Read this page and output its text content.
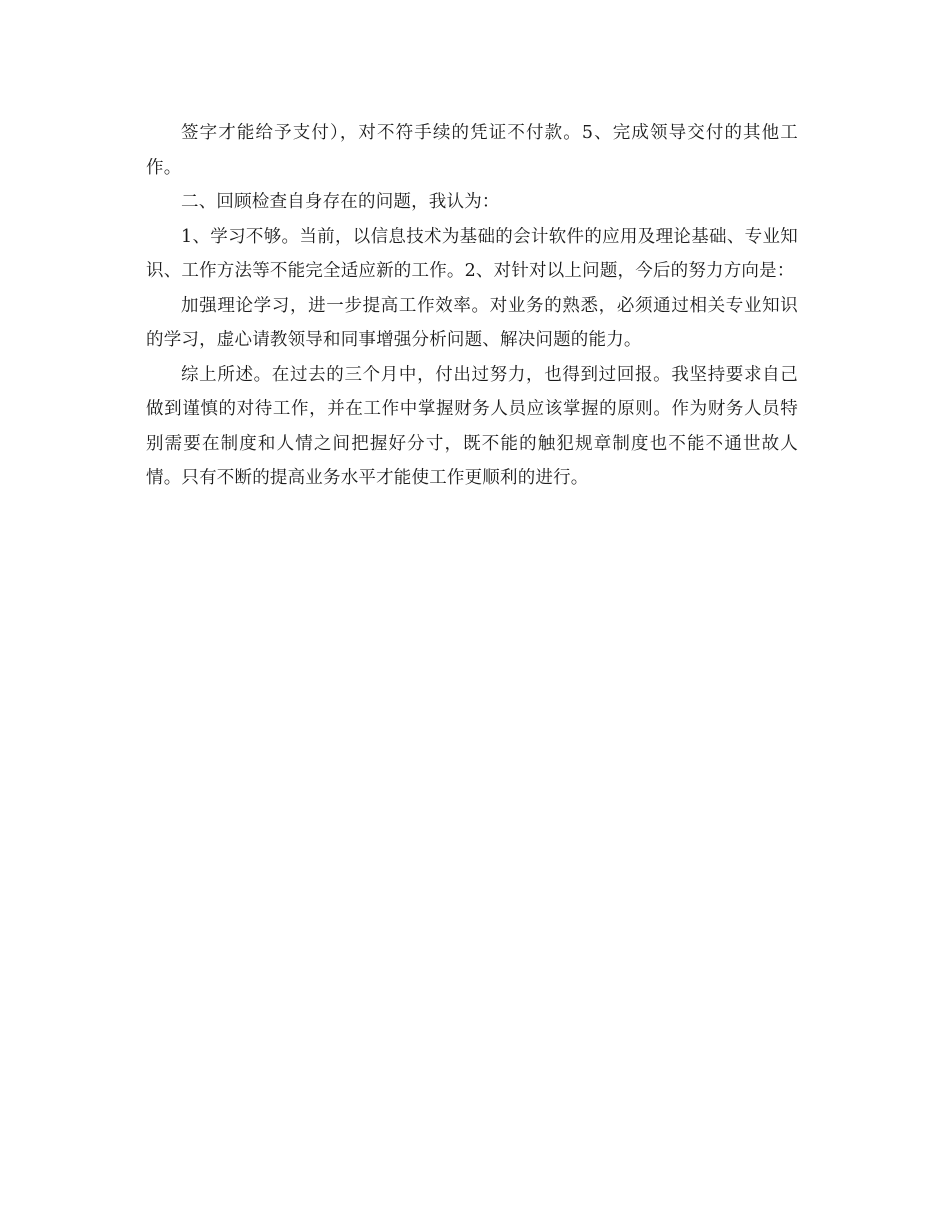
签字才能给予支付），对不符手续的凭证不付款。5、完成领导交付的其他工作。

二、回顾检查自身存在的问题，我认为：

1、学习不够。当前，以信息技术为基础的会计软件的应用及理论基础、专业知识、工作方法等不能完全适应新的工作。2、对针对以上问题，今后的努力方向是：

加强理论学习，进一步提高工作效率。对业务的熟悉，必须通过相关专业知识的学习，虚心请教领导和同事增强分析问题、解决问题的能力。

综上所述。在过去的三个月中，付出过努力，也得到过回报。我坚持要求自己做到谨慎的对待工作，并在工作中掌握财务人员应该掌握的原则。作为财务人员特别需要在制度和人情之间把握好分寸，既不能的触犯规章制度也不能不通世故人情。只有不断的提高业务水平才能使工作更顺利的进行。
